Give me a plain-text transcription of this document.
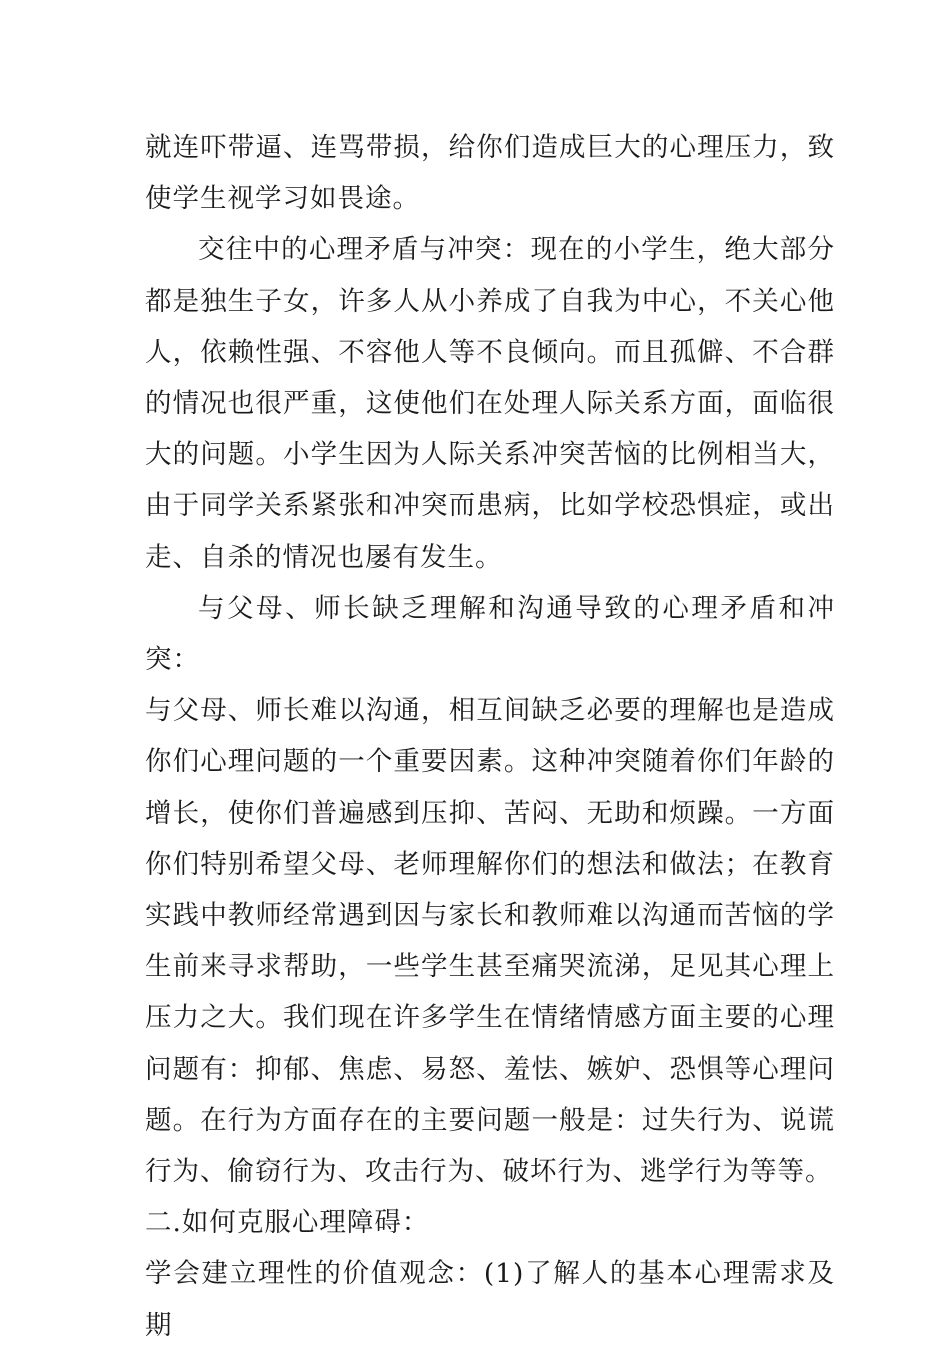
就连吓带逼、连骂带损，给你们造成巨大的心理压力，致使学生视学习如畏途。

交往中的心理矛盾与冲突：现在的小学生，绝大部分都是独生子女，许多人从小养成了自我为中心，不关心他人，依赖性强、不容他人等不良倾向。而且孤僻、不合群的情况也很严重，这使他们在处理人际关系方面，面临很大的问题。小学生因为人际关系冲突苦恼的比例相当大，由于同学关系紧张和冲突而患病，比如学校恐惧症，或出走、自杀的情况也屡有发生。

与父母、师长缺乏理解和沟通导致的心理矛盾和冲突：

与父母、师长难以沟通，相互间缺乏必要的理解也是造成你们心理问题的一个重要因素。这种冲突随着你们年龄的增长，使你们普遍感到压抑、苦闷、无助和烦躁。一方面你们特别希望父母、老师理解你们的想法和做法；在教育实践中教师经常遇到因与家长和教师难以沟通而苦恼的学生前来寻求帮助，一些学生甚至痛哭流涕，足见其心理上压力之大。我们现在许多学生在情绪情感方面主要的心理问题有：抑郁、焦虑、易怒、羞怯、嫉妒、恐惧等心理问题。在行为方面存在的主要问题一般是：过失行为、说谎行为、偷窃行为、攻击行为、破坏行为、逃学行为等等。

二.如何克服心理障碍：

学会建立理性的价值观念：(1)了解人的基本心理需求及期
